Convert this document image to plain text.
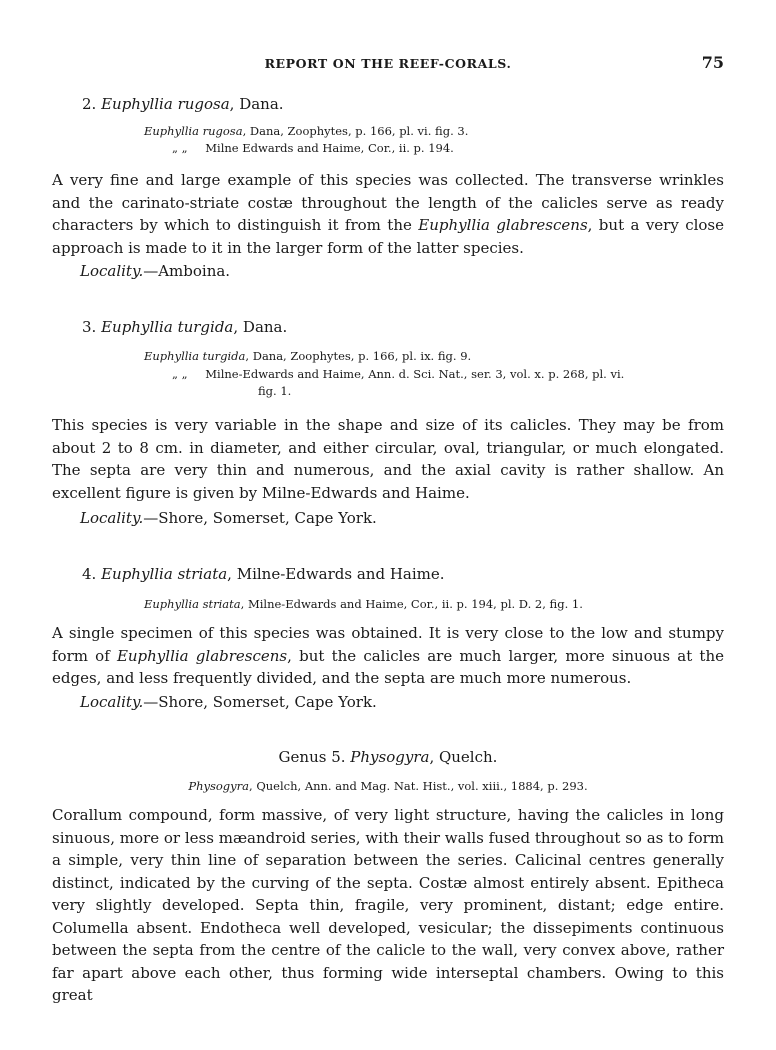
REPORT ON THE REEF-CORALS.	75
2. Euphyllia rugosa, Dana.
Euphyllia rugosa, Dana, Zoophytes, p. 166, pl. vi. fig. 3.
„ „ Milne Edwards and Haime, Cor., ii. p. 194.

A very fine and large example of this species was collected. The transverse wrinkles and the carinato-striate costæ throughout the length of the calicles serve as ready characters by which to distinguish it from the Euphyllia glabrescens, but a very close approach is made to it in the larger form of the latter species.

Locality.—Amboina.
3. Euphyllia turgida, Dana.
Euphyllia turgida, Dana, Zoophytes, p. 166, pl. ix. fig. 9.
„ „ Milne-Edwards and Haime, Ann. d. Sci. Nat., ser. 3, vol. x. p. 268, pl. vi.
fig. 1.

This species is very variable in the shape and size of its calicles. They may be from about 2 to 8 cm. in diameter, and either circular, oval, triangular, or much elongated. The septa are very thin and numerous, and the axial cavity is rather shallow. An excellent figure is given by Milne-Edwards and Haime.

Locality.—Shore, Somerset, Cape York.
4. Euphyllia striata, Milne-Edwards and Haime.
Euphyllia striata, Milne-Edwards and Haime, Cor., ii. p. 194, pl. D. 2, fig. 1.

A single specimen of this species was obtained. It is very close to the low and stumpy form of Euphyllia glabrescens, but the calicles are much larger, more sinuous at the edges, and less frequently divided, and the septa are much more numerous.

Locality.—Shore, Somerset, Cape York.
Genus 5. Physogyra, Quelch.
Physogyra, Quelch, Ann. and Mag. Nat. Hist., vol. xiii., 1884, p. 293.

Corallum compound, form massive, of very light structure, having the calicles in long sinuous, more or less mæandroid series, with their walls fused throughout so as to form a simple, very thin line of separation between the series. Calicinal centres generally distinct, indicated by the curving of the septa. Costæ almost entirely absent. Epitheca very slightly developed. Septa thin, fragile, very prominent, distant; edge entire. Columella absent. Endotheca well developed, vesicular; the dissepiments continuous between the septa from the centre of the calicle to the wall, very convex above, rather far apart above each other, thus forming wide interseptal chambers. Owing to this great
